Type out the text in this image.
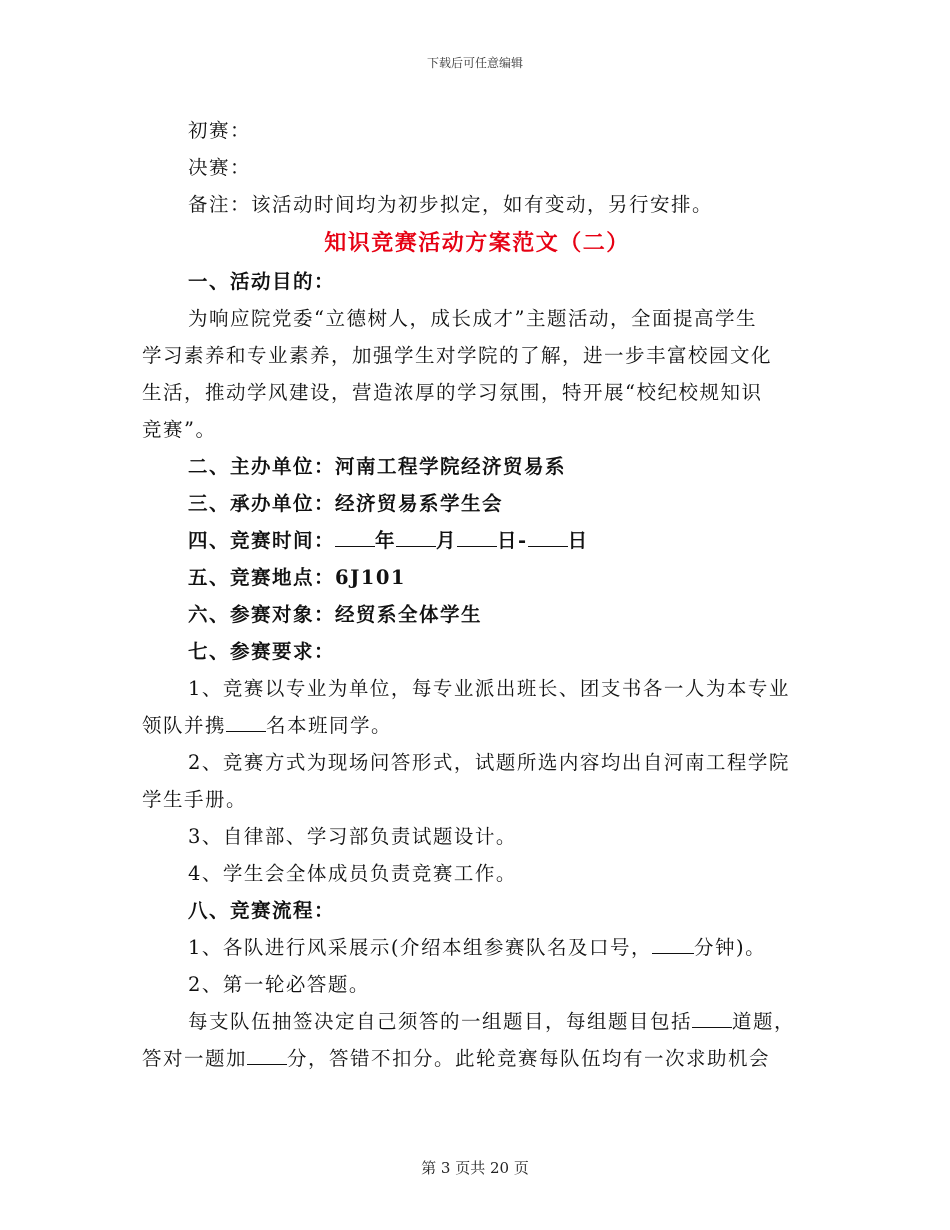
下载后可任意编辑

初赛：

决赛：

备注：该活动时间均为初步拟定，如有变动，另行安排。

知识竞赛活动方案范文（二）

一、活动目的：

为响应院党委“立德树人，成长成才”主题活动，全面提高学生

学习素养和专业素养，加强学生对学院的了解，进一步丰富校园文化

生活，推动学风建设，营造浓厚的学习氛围，特开展“校纪校规知识

竞赛”。

二、主办单位：河南工程学院经济贸易系

三、承办单位：经济贸易系学生会

四、竞赛时间： 年 月 日- 日

五、竞赛地点：6J101

六、参赛对象：经贸系全体学生

七、参赛要求：

1、竞赛以专业为单位，每专业派出班长、团支书各一人为本专业

领队并携 名本班同学。

2、竞赛方式为现场问答形式，试题所选内容均出自河南工程学院

学生手册。

3、自律部、学习部负责试题设计。

4、学生会全体成员负责竞赛工作。

八、竞赛流程：

1、各队进行风采展示(介绍本组参赛队名及口号， 分钟)。

2、第一轮必答题。

每支队伍抽签决定自己须答的一组题目，每组题目包括 道题，

答对一题加 分，答错不扣分。此轮竞赛每队伍均有一次求助机会

第 3 页共 20 页
